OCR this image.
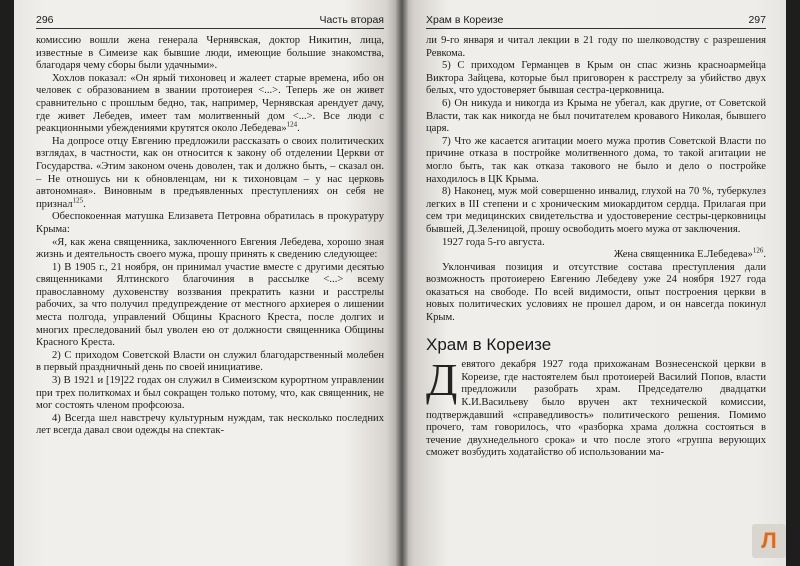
296	Часть вторая

комиссию вошли жена генерала Чернявская, доктор Никитин, лица, известные в Симеизе как бывшие люди, имеющие большие знакомства, благодаря чему сборы были удачными».

Хохлов показал: «Он ярый тихоновец и жалеет старые времена, ибо он человек с образованием в звании протоиерея <...>. Теперь же он живет сравнительно с прошлым бедно, так, например, Чернявская арендует дачу, где живет Лебедев, имеет там молитвенный дом <...>. Все люди с реакционными убеждениями крутятся около Лебедева»$^{124}$.

На допросе отцу Евгению предложили рассказать о своих политических взглядах, в частности, как он относится к закону об отделении Церкви от Государства. «Этим законом очень доволен, так и должно быть, – сказал он. – Не отношусь ни к обновленцам, ни к тихоновцам – у нас церковь автономная». Виновным в предъявленных преступлениях он себя не признал$^{125}$.

Обеспокоенная матушка Елизавета Петровна обратилась в прокуратуру Крыма:

«Я, как жена священника, заключенного Евгения Лебедева, хорошо зная жизнь и деятельность своего мужа, прошу принять к сведению следующее:

1) В 1905 г., 21 ноября, он принимал участие вместе с другими десятью священниками Ялтинского благочиния в рассылке <...> всему православному духовенству воззвания прекратить казни и расстрелы рабочих, за что получил предупреждение от местного архиерея о лишении места полгода, управлений Общины Красного Креста, после долгих и многих преследований был уволен ею от должности священника Общины Красного Креста.

2) С приходом Советской Власти он служил благодарственный молебен в первый праздничный день по своей инициативе.

3) В 1921 и [19]22 годах он служил в Симеизском курортном управлении при трех политкомах и был сокращен только потому, что, как священник, не мог состоять членом профсоюза.

4) Всегда шел навстречу культурным нуждам, так несколько последних лет всегда давал свои одежды на спектак-

Храм в Кореизе	297

ли 9-го января и читал лекции в 21 году по шелководству с разрешения Ревкома.

5) С приходом Германцев в Крым он спас жизнь красноармейца Виктора Зайцева, которые был приговорен к расстрелу за убийство двух белых, что удостоверяет бывшая сестра-церковница.

6) Он никуда и никогда из Крыма не убегал, как другие, от Советской Власти, так как никогда не был почитателем кровавого Николая, бывшего царя.

7) Что же касается агитации моего мужа против Советской Власти по причине отказа в постройке молитвенного дома, то такой агитации не могло быть, так как отказа такового не было и дело о постройке находилось в ЦК Крыма.

8) Наконец, муж мой совершенно инвалид, глухой на 70 %, туберкулез легких в III степени и с хроническим миокардитом сердца. Прилагая при сем три медицинских свидетельства и удостоверение сестры-церковницы бывшей, Д.Зеленицой, прошу освободить моего мужа от заключения.

1927 года 5-го августа.

Жена священника Е.Лебедева»$^{126}$.

Уклончивая позиция и отсутствие состава преступления дали возможность протоиерею Евгению Лебедеву уже 24 ноября 1927 года оказаться на свободе. По всей видимости, опыт построения церкви в новых политических условиях не прошел даром, и он навсегда покинул Крым.

Храм в Кореизе

Девятого декабря 1927 года прихожанам Вознесенской церкви в Кореизе, где настоятелем был протоиерей Василий Попов, власти предложили разобрать храм. Председателю двадцатки К.И.Васильеву было вручен акт технической комиссии, подтверждавший «справедливость» политического решения. Помимо прочего, там говорилось, что «разборка храма должна состояться в течение двухнедельного срока» и что после этого «группа верующих сможет возбудить ходатайство об использовании ма-

Л
